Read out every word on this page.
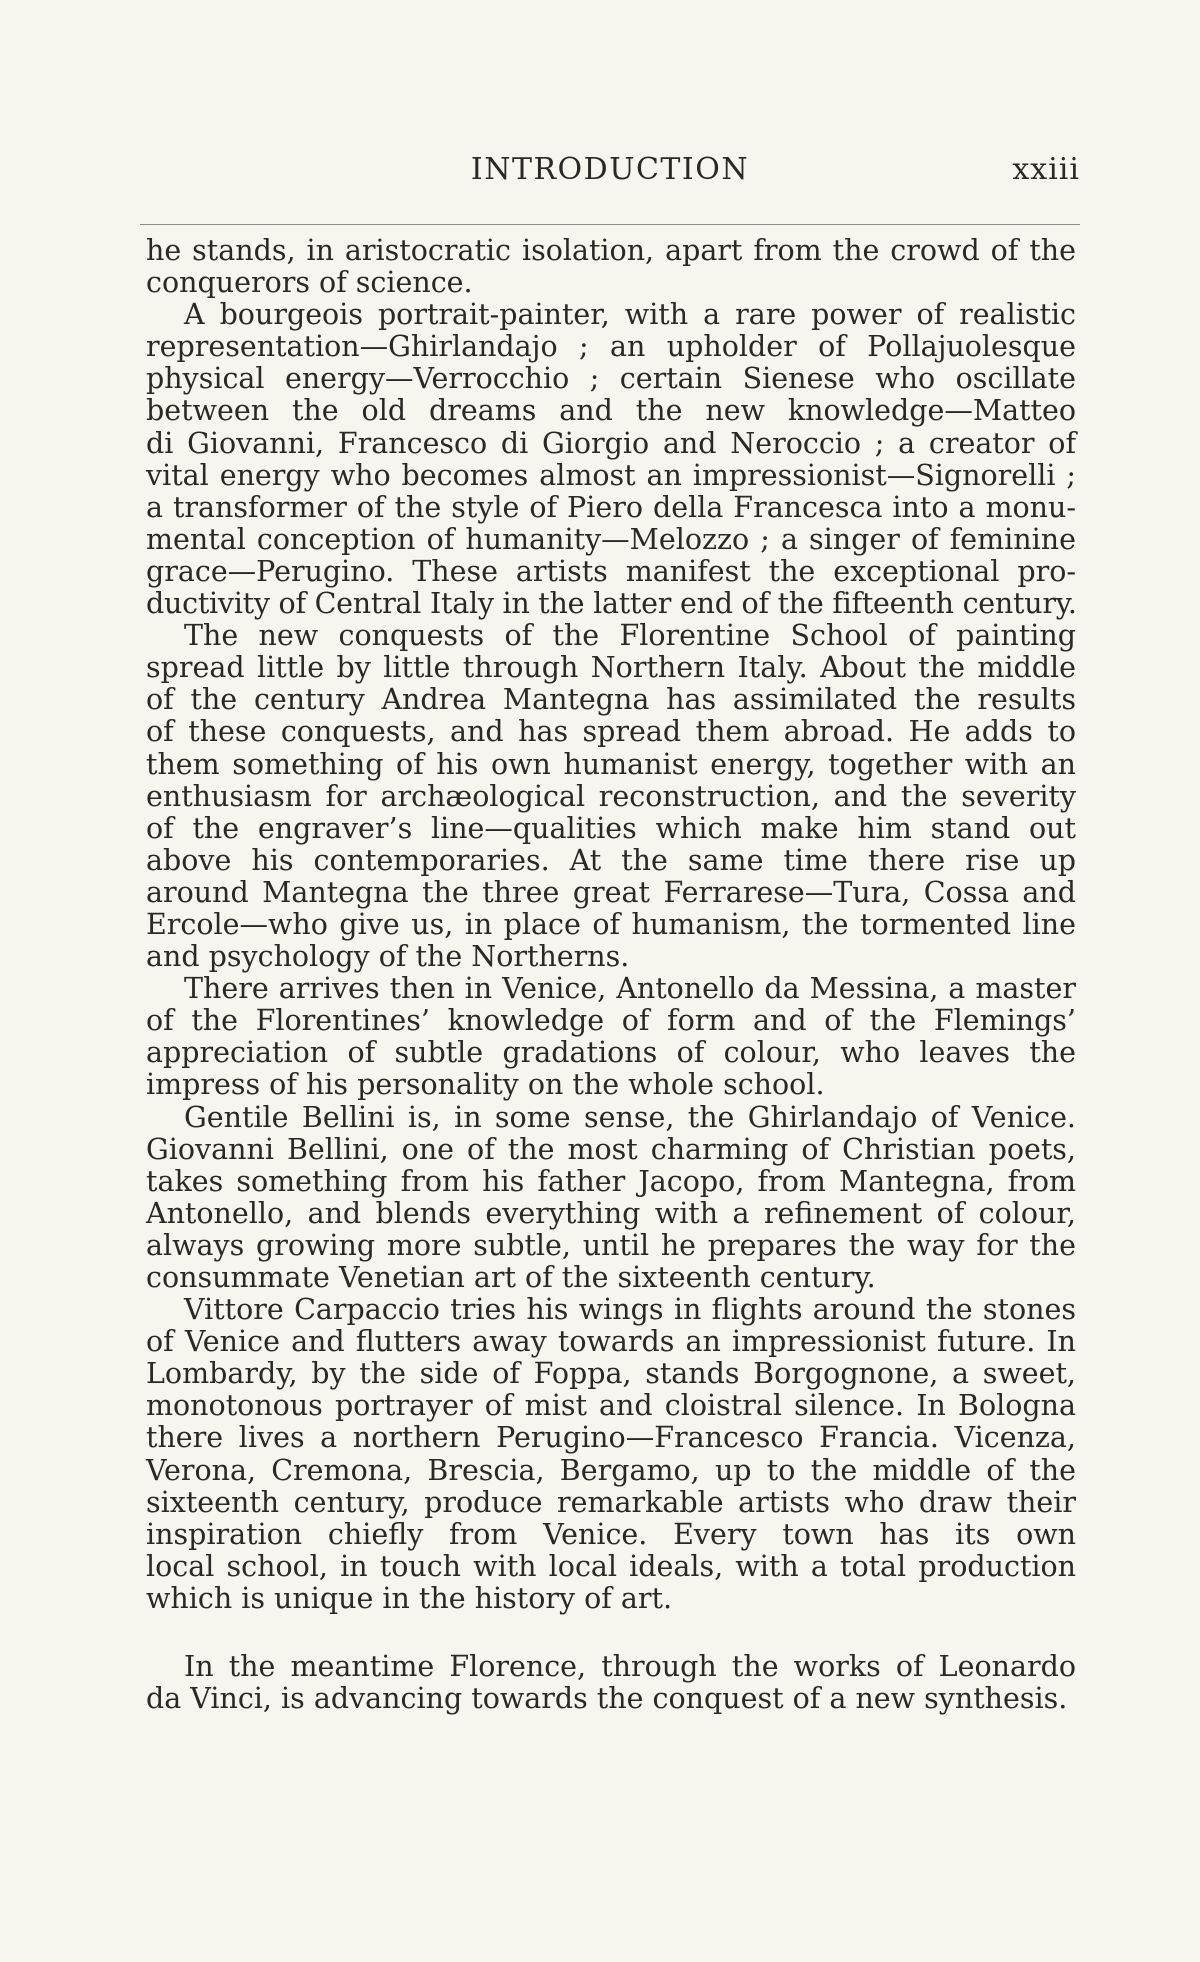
INTRODUCTION	xxiii
he stands, in aristocratic isolation, apart from the crowd of the
conquerors of science.
A bourgeois portrait-painter, with a rare power of realistic
representation—Ghirlandajo ; an upholder of Pollajuolesque
physical energy—Verrocchio ; certain Sienese who oscillate
between the old dreams and the new knowledge—Matteo
di Giovanni, Francesco di Giorgio and Neroccio ; a creator of
vital energy who becomes almost an impressionist—Signorelli ;
a transformer of the style of Piero della Francesca into a monu-
mental conception of humanity—Melozzo ; a singer of feminine
grace—Perugino. These artists manifest the exceptional pro-
ductivity of Central Italy in the latter end of the fifteenth century.
The new conquests of the Florentine School of painting
spread little by little through Northern Italy. About the middle
of the century Andrea Mantegna has assimilated the results
of these conquests, and has spread them abroad. He adds to
them something of his own humanist energy, together with an
enthusiasm for archæological reconstruction, and the severity
of the engraver’s line—qualities which make him stand out
above his contemporaries. At the same time there rise up
around Mantegna the three great Ferrarese—Tura, Cossa and
Ercole—who give us, in place of humanism, the tormented line
and psychology of the Northerns.
There arrives then in Venice, Antonello da Messina, a master
of the Florentines’ knowledge of form and of the Flemings’
appreciation of subtle gradations of colour, who leaves the
impress of his personality on the whole school.
Gentile Bellini is, in some sense, the Ghirlandajo of Venice.
Giovanni Bellini, one of the most charming of Christian poets,
takes something from his father Jacopo, from Mantegna, from
Antonello, and blends everything with a refinement of colour,
always growing more subtle, until he prepares the way for the
consummate Venetian art of the sixteenth century.
Vittore Carpaccio tries his wings in flights around the stones
of Venice and flutters away towards an impressionist future. In
Lombardy, by the side of Foppa, stands Borgognone, a sweet,
monotonous portrayer of mist and cloistral silence. In Bologna
there lives a northern Perugino—Francesco Francia. Vicenza,
Verona, Cremona, Brescia, Bergamo, up to the middle of the
sixteenth century, produce remarkable artists who draw their
inspiration chiefly from Venice. Every town has its own
local school, in touch with local ideals, with a total production
which is unique in the history of art.
In the meantime Florence, through the works of Leonardo
da Vinci, is advancing towards the conquest of a new synthesis.
